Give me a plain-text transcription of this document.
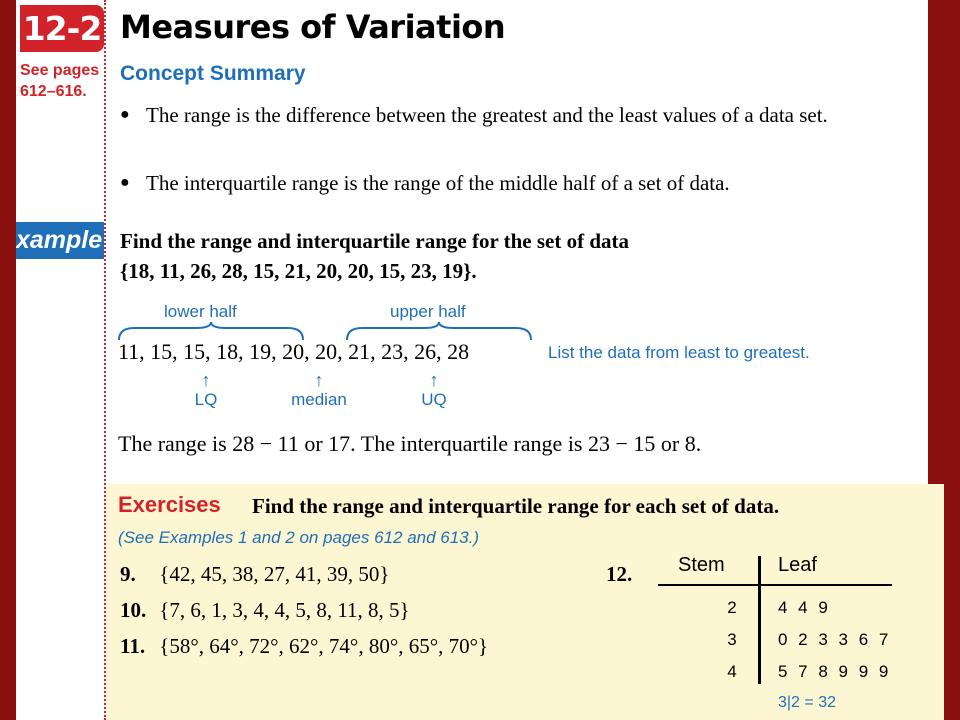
12-2
See pages
612–616.
xample
Measures of Variation
Concept Summary
● The range is the difference between the greatest and the least values of a data set.
● The interquartile range is the range of the middle half of a set of data.
Find the range and interquartile range for the set of data
{18, 11, 26, 28, 15, 21, 20, 20, 15, 23, 19}.
lower half	upper half
11, 15, 15, 18, 19, 20, 20, 21, 23, 26, 28	List the data from least to greatest.
↑
LQ
↑
median
↑
UQ
The range is 28 − 11 or 17. The interquartile range is 23 − 15 or 8.
Exercises Find the range and interquartile range for each set of data.
(See Examples 1 and 2 on pages 612 and 613.)
9. {42, 45, 38, 27, 41, 39, 50}
10. {7, 6, 1, 3, 4, 4, 5, 8, 11, 8, 5}
11. {58°, 64°, 72°, 62°, 74°, 80°, 65°, 70°}
12. Stem	Leaf
2	4 4 9
3	0 2 3 3 6 7
4	5 7 8 9 9 9
3|2 = 32
